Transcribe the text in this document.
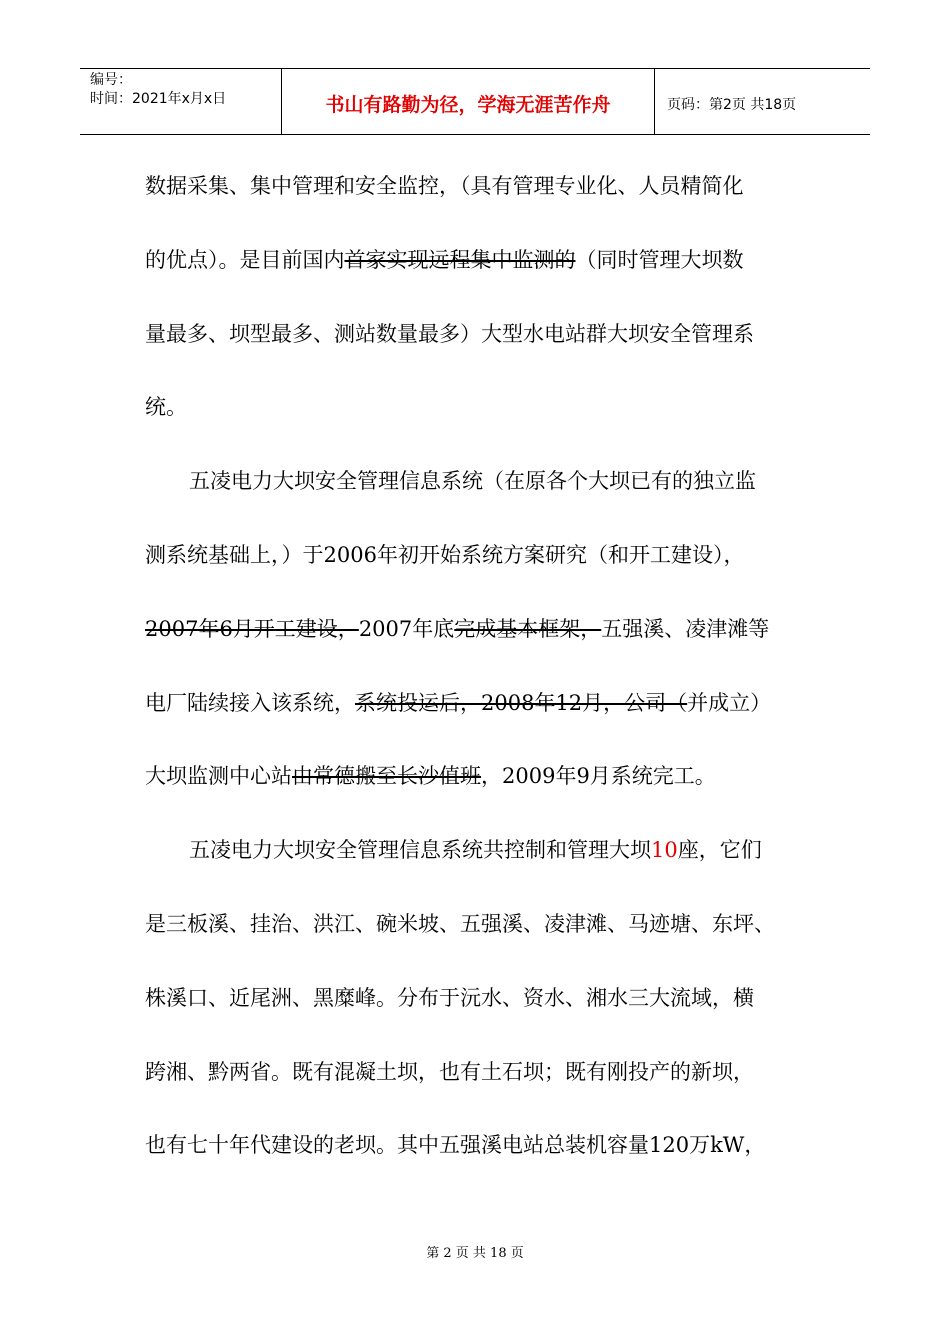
编号：
时间：2021年x月x日	书山有路勤为径，学海无涯苦作舟	页码：第2页 共18页
数据采集、集中管理和安全监控，（具有管理专业化、人员精简化
的优点）。是目前国内首家实现远程集中监测的（同时管理大坝数
量最多、坝型最多、测站数量最多）大型水电站群大坝安全管理系
统。
五凌电力大坝安全管理信息系统（在原各个大坝已有的独立监
测系统基础上，）于2006年初开始系统方案研究（和开工建设），
2007年6月开工建设，2007年底完成基本框架，五强溪、凌津滩等
电厂陆续接入该系统，系统投运后，2008年12月，公司（并成立）
大坝监测中心站由常德搬至长沙值班，2009年9月系统完工。
五凌电力大坝安全管理信息系统共控制和管理大坝10座，它们
是三板溪、挂治、洪江、碗米坡、五强溪、凌津滩、马迹塘、东坪、
株溪口、近尾洲、黑糜峰。分布于沅水、资水、湘水三大流域，横
跨湘、黔两省。既有混凝土坝，也有土石坝；既有刚投产的新坝，
也有七十年代建设的老坝。其中五强溪电站总装机容量120万kW，
第 2 页 共 18 页
